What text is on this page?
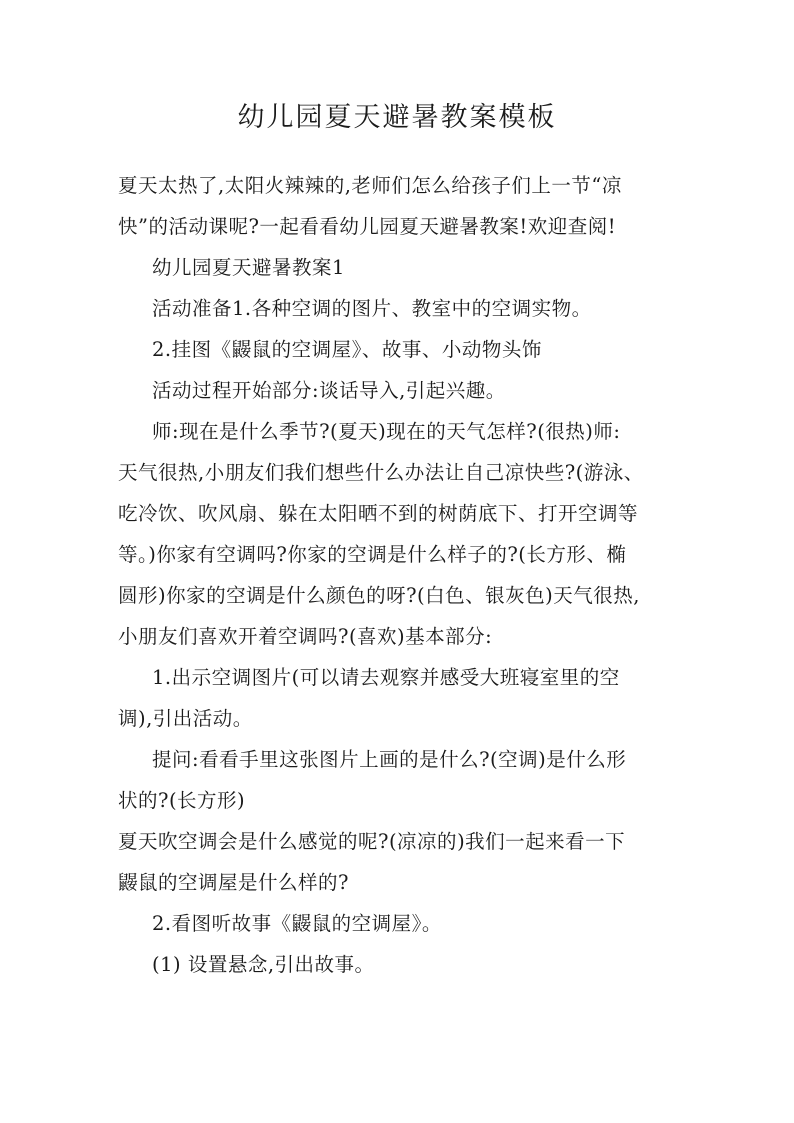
幼儿园夏天避暑教案模板
夏天太热了,太阳火辣辣的,老师们怎么给孩子们上一节“凉
快”的活动课呢?一起看看幼儿园夏天避暑教案!欢迎查阅!
幼儿园夏天避暑教案1
活动准备1.各种空调的图片、教室中的空调实物。
2.挂图《鼹鼠的空调屋》、故事、小动物头饰
活动过程开始部分:谈话导入,引起兴趣。
师:现在是什么季节?(夏天)现在的天气怎样?(很热)师:
天气很热,小朋友们我们想些什么办法让自己凉快些?(游泳、
吃冷饮、吹风扇、躲在太阳晒不到的树荫底下、打开空调等
等。)你家有空调吗?你家的空调是什么样子的?(长方形、椭
圆形)你家的空调是什么颜色的呀?(白色、银灰色)天气很热,
小朋友们喜欢开着空调吗?(喜欢)基本部分:
1.出示空调图片(可以请去观察并感受大班寝室里的空
调),引出活动。
提问:看看手里这张图片上画的是什么?(空调)是什么形
状的?(长方形)
夏天吹空调会是什么感觉的呢?(凉凉的)我们一起来看一下
鼹鼠的空调屋是什么样的?
2.看图听故事《鼹鼠的空调屋》。
(1) 设置悬念,引出故事。
